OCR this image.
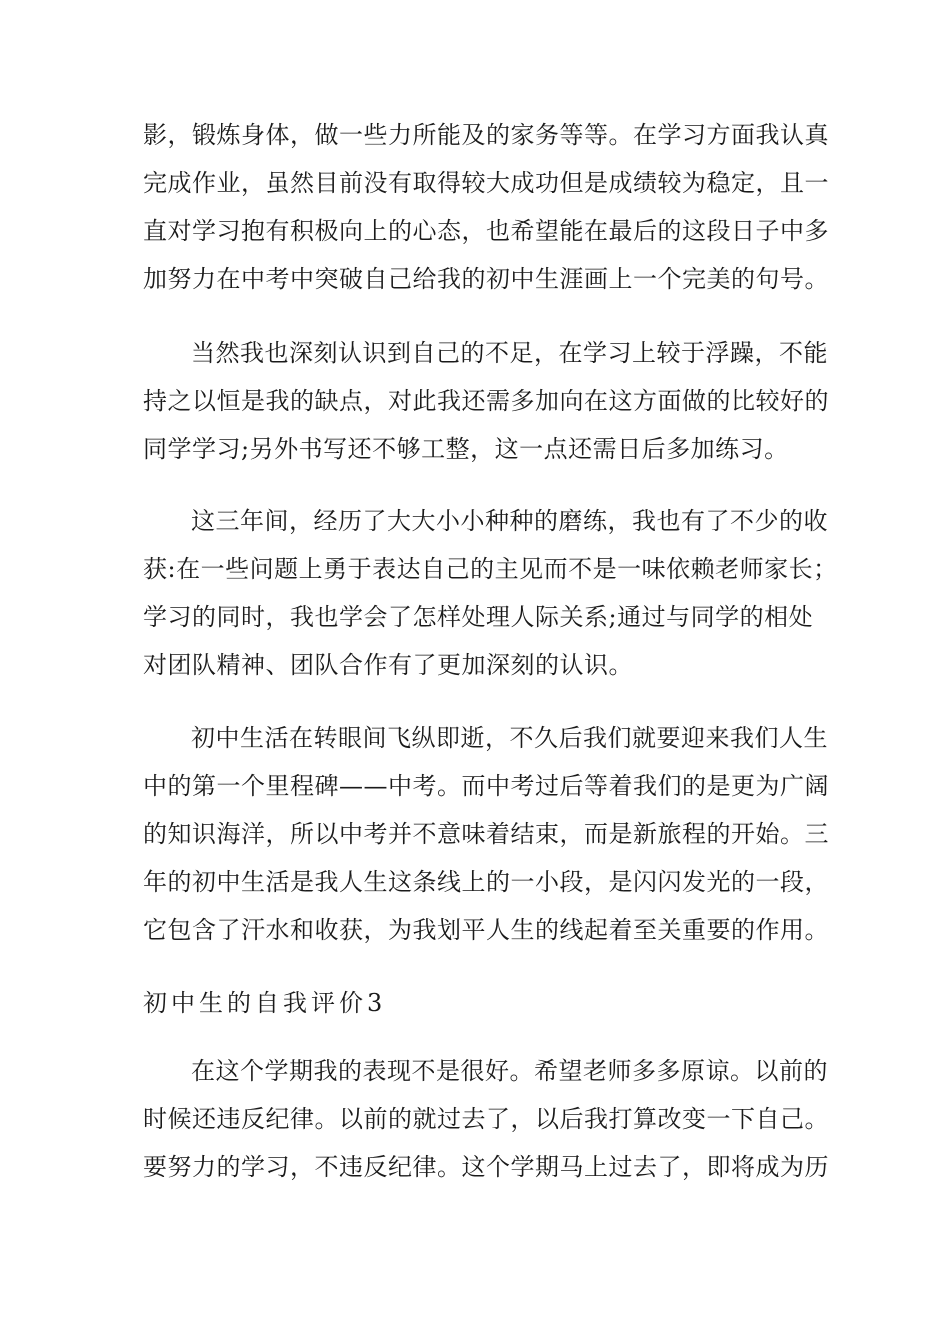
影，锻炼身体，做一些力所能及的家务等等。在学习方面我认真
完成作业，虽然目前没有取得较大成功但是成绩较为稳定，且一
直对学习抱有积极向上的心态，也希望能在最后的这段日子中多
加努力在中考中突破自己给我的初中生涯画上一个完美的句号。
当然我也深刻认识到自己的不足，在学习上较于浮躁，不能
持之以恒是我的缺点，对此我还需多加向在这方面做的比较好的
同学学习;另外书写还不够工整，这一点还需日后多加练习。
这三年间，经历了大大小小种种的磨练，我也有了不少的收
获:在一些问题上勇于表达自己的主见而不是一味依赖老师家长；
学习的同时，我也学会了怎样处理人际关系;通过与同学的相处
对团队精神、团队合作有了更加深刻的认识。
初中生活在转眼间飞纵即逝，不久后我们就要迎来我们人生
中的第一个里程碑——中考。而中考过后等着我们的是更为广阔
的知识海洋，所以中考并不意味着结束，而是新旅程的开始。三
年的初中生活是我人生这条线上的一小段，是闪闪发光的一段，
它包含了汗水和收获，为我划平人生的线起着至关重要的作用。
初中生的自我评价3
在这个学期我的表现不是很好。希望老师多多原谅。以前的
时候还违反纪律。以前的就过去了，以后我打算改变一下自己。
要努力的学习，不违反纪律。这个学期马上过去了，即将成为历
